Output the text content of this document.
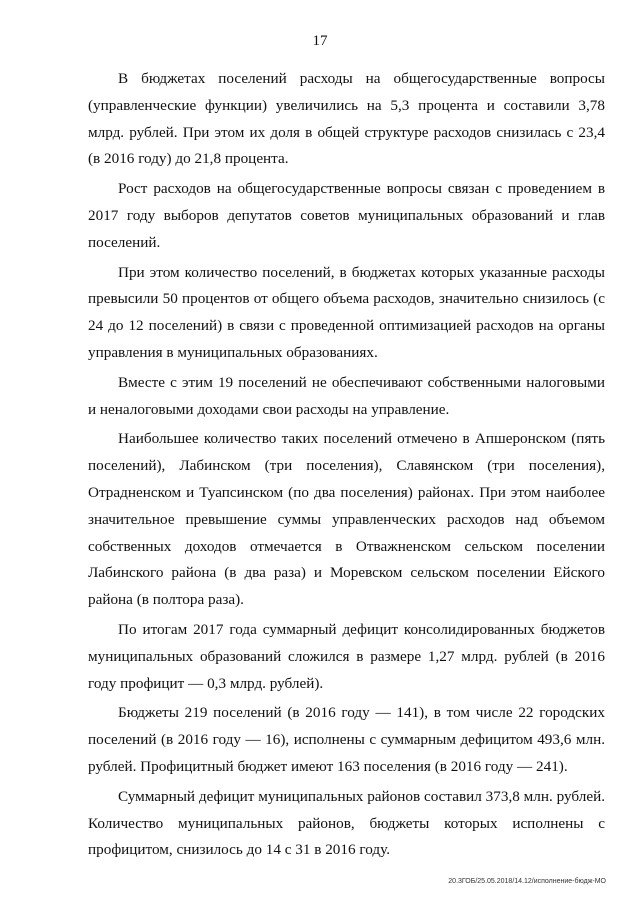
17

В бюджетах поселений расходы на общегосударственные вопросы (управленческие функции) увеличились на 5,3 процента и составили 3,78 млрд. рублей. При этом их доля в общей структуре расходов снизилась с 23,4 (в 2016 году) до 21,8 процента.

Рост расходов на общегосударственные вопросы связан с проведением в 2017 году выборов депутатов советов муниципальных образований и глав поселений.

При этом количество поселений, в бюджетах которых указанные расходы превысили 50 процентов от общего объема расходов, значительно снизилось (с 24 до 12 поселений) в связи с проведенной оптимизацией расходов на органы управления в муниципальных образованиях.

Вместе с этим 19 поселений не обеспечивают собственными налоговыми и неналоговыми доходами свои расходы на управление.

Наибольшее количество таких поселений отмечено в Апшеронском (пять поселений), Лабинском (три поселения), Славянском (три поселения), Отрадненском и Туапсинском (по два поселения) районах. При этом наиболее значительное превышение суммы управленческих расходов над объемом собственных доходов отмечается в Отважненском сельском поселении Лабинского района (в два раза) и Моревском сельском поселении Ейского района (в полтора раза).

По итогам 2017 года суммарный дефицит консолидированных бюджетов муниципальных образований сложился в размере 1,27 млрд. рублей (в 2016 году профицит — 0,3 млрд. рублей).

Бюджеты 219 поселений (в 2016 году — 141), в том числе 22 городских поселений (в 2016 году — 16), исполнены с суммарным дефицитом 493,6 млн. рублей. Профицитный бюджет имеют 163 поселения (в 2016 году — 241).

Суммарный дефицит муниципальных районов составил 373,8 млн. рублей. Количество муниципальных районов, бюджеты которых исполнены с профицитом, снизилось до 14 с 31 в 2016 году.

20.3ГОБ/25.05.2018/14.12/исполнение-бюдж-МО
